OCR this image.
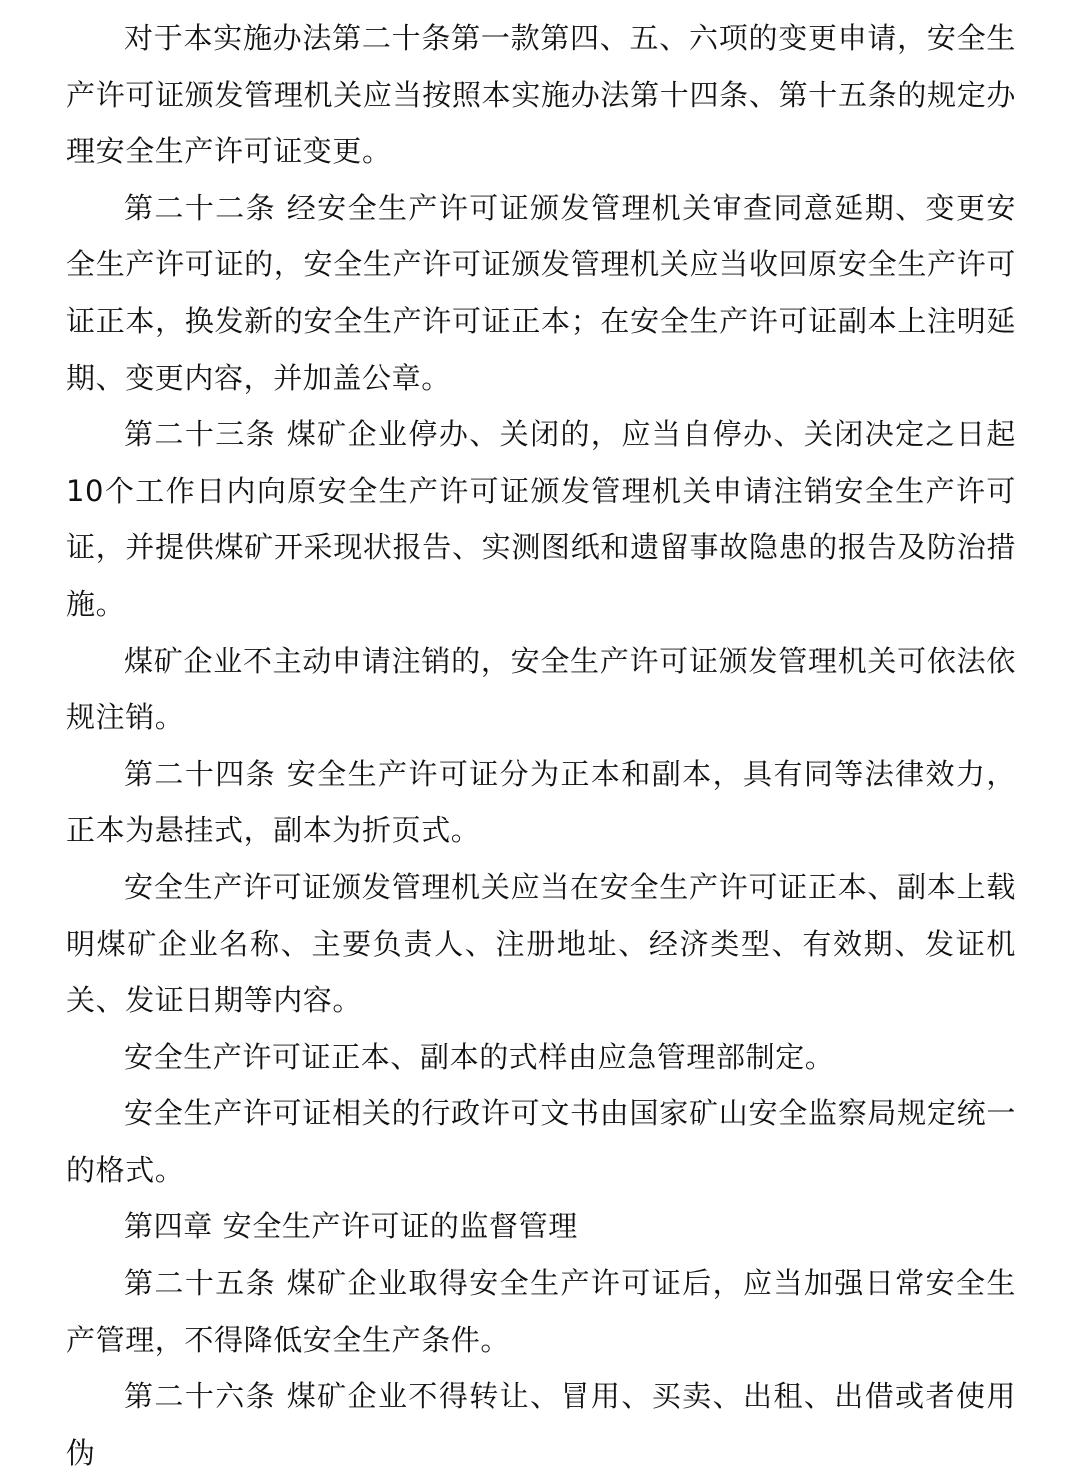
对于本实施办法第二十条第一款第四、五、六项的变更申请，安全生产许可证颁发管理机关应当按照本实施办法第十四条、第十五条的规定办理安全生产许可证变更。

第二十二条 经安全生产许可证颁发管理机关审查同意延期、变更安全生产许可证的，安全生产许可证颁发管理机关应当收回原安全生产许可证正本，换发新的安全生产许可证正本；在安全生产许可证副本上注明延期、变更内容，并加盖公章。

第二十三条 煤矿企业停办、关闭的，应当自停办、关闭决定之日起10个工作日内向原安全生产许可证颁发管理机关申请注销安全生产许可证，并提供煤矿开采现状报告、实测图纸和遗留事故隐患的报告及防治措施。

煤矿企业不主动申请注销的，安全生产许可证颁发管理机关可依法依规注销。

第二十四条 安全生产许可证分为正本和副本，具有同等法律效力，正本为悬挂式，副本为折页式。

安全生产许可证颁发管理机关应当在安全生产许可证正本、副本上载明煤矿企业名称、主要负责人、注册地址、经济类型、有效期、发证机关、发证日期等内容。

安全生产许可证正本、副本的式样由应急管理部制定。

安全生产许可证相关的行政许可文书由国家矿山安全监察局规定统一的格式。

第四章 安全生产许可证的监督管理

第二十五条 煤矿企业取得安全生产许可证后，应当加强日常安全生产管理，不得降低安全生产条件。

第二十六条 煤矿企业不得转让、冒用、买卖、出租、出借或者使用伪
